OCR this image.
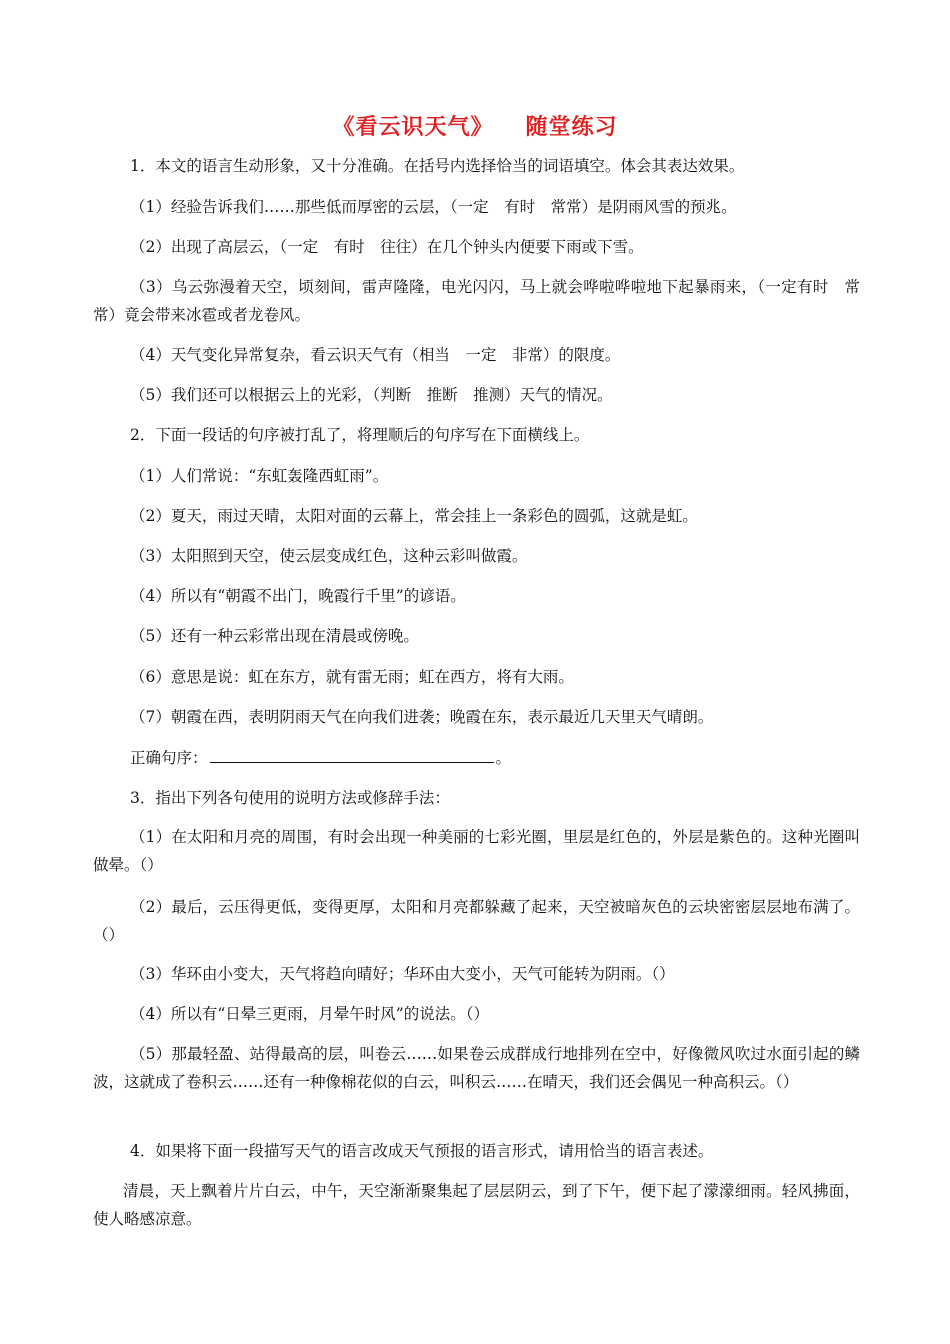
《看云识天气》 随堂练习
1．本文的语言生动形象，又十分准确。在括号内选择恰当的词语填空。体会其表达效果。
（1）经验告诉我们……那些低而厚密的云层，（一定　有时　常常）是阴雨风雪的预兆。
（2）出现了高层云，（一定　有时　往往）在几个钟头内便要下雨或下雪。
（3）乌云弥漫着天空，顷刻间，雷声隆隆，电光闪闪，马上就会哗啦哗啦地下起暴雨来，（一定有时　常常）竟会带来冰雹或者龙卷风。
（4）天气变化异常复杂，看云识天气有（相当　一定　非常）的限度。
（5）我们还可以根据云上的光彩，（判断　推断　推测）天气的情况。
2．下面一段话的句序被打乱了，将理顺后的句序写在下面横线上。
（1）人们常说：“东虹轰隆西虹雨”。
（2）夏天，雨过天晴，太阳对面的云幕上，常会挂上一条彩色的圆弧，这就是虹。
（3）太阳照到天空，使云层变成红色，这种云彩叫做霞。
（4）所以有“朝霞不出门，晚霞行千里”的谚语。
（5）还有一种云彩常出现在清晨或傍晚。
（6）意思是说：虹在东方，就有雷无雨；虹在西方，将有大雨。
（7）朝霞在西，表明阴雨天气在向我们进袭；晚霞在东，表示最近几天里天气晴朗。
正确句序：	。
3．指出下列各句使用的说明方法或修辞手法：
（1）在太阳和月亮的周围，有时会出现一种美丽的七彩光圈，里层是红色的，外层是紫色的。这种光圈叫做晕。（）
（2）最后，云压得更低，变得更厚，太阳和月亮都躲藏了起来，天空被暗灰色的云块密密层层地布满了。（）
（3）华环由小变大，天气将趋向晴好；华环由大变小，天气可能转为阴雨。（）
（4）所以有“日晕三更雨，月晕午时风”的说法。（）
（5）那最轻盈、站得最高的层，叫卷云……如果卷云成群成行地排列在空中，好像微风吹过水面引起的鳞波，这就成了卷积云……还有一种像棉花似的白云，叫积云……在晴天，我们还会偶见一种高积云。（）
4．如果将下面一段描写天气的语言改成天气预报的语言形式，请用恰当的语言表述。
清晨，天上飘着片片白云，中午，天空渐渐聚集起了层层阴云，到了下午，便下起了濛濛细雨。轻风拂面，使人略感凉意。
